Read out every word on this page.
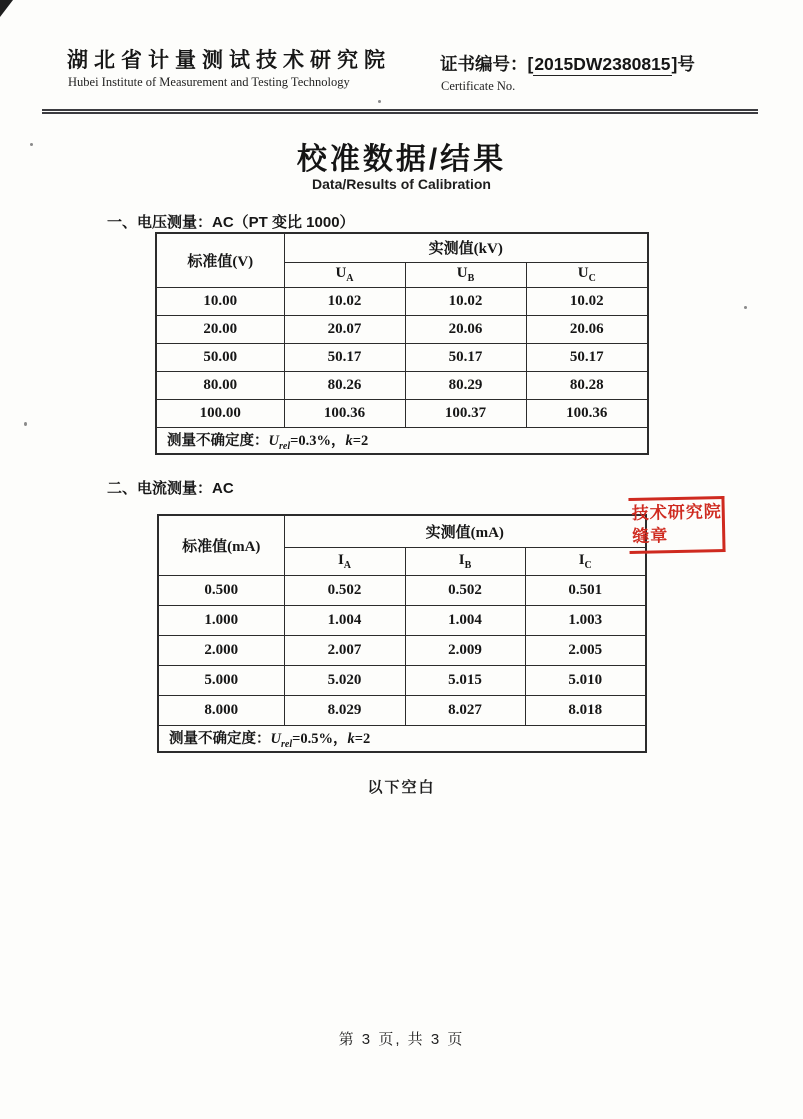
湖北省计量测试技术研究院
Hubei Institute of Measurement and Testing Technology
证书编号：[2015DW2380815]号
Certificate No.
校准数据/结果
Data/Results of Calibration
一、电压测量：AC（PT 变比 1000）
标准值(V)	实测值(kV)		
	$U_A$	$U_B$	$U_C$
10.00	10.02	10.02	10.02
20.00	20.07	20.06	20.06
50.00	50.17	50.17	50.17
80.00	80.26	80.29	80.28
100.00	100.36	100.37	100.36
测量不确定度：$U_{rel}=0.3\%$，k=2			
二、电流测量：AC
标准值(mA)	实测值(mA)		
	$I_A$	$I_B$	$I_C$
0.500	0.502	0.502	0.501
1.000	1.004	1.004	1.003
2.000	2.007	2.009	2.005
5.000	5.020	5.015	5.010
8.000	8.029	8.027	8.018
测量不确定度：$U_{rel}=0.5\%$，k=2			
技术研究院
缝章
以下空白
第 3 页, 共 3 页
